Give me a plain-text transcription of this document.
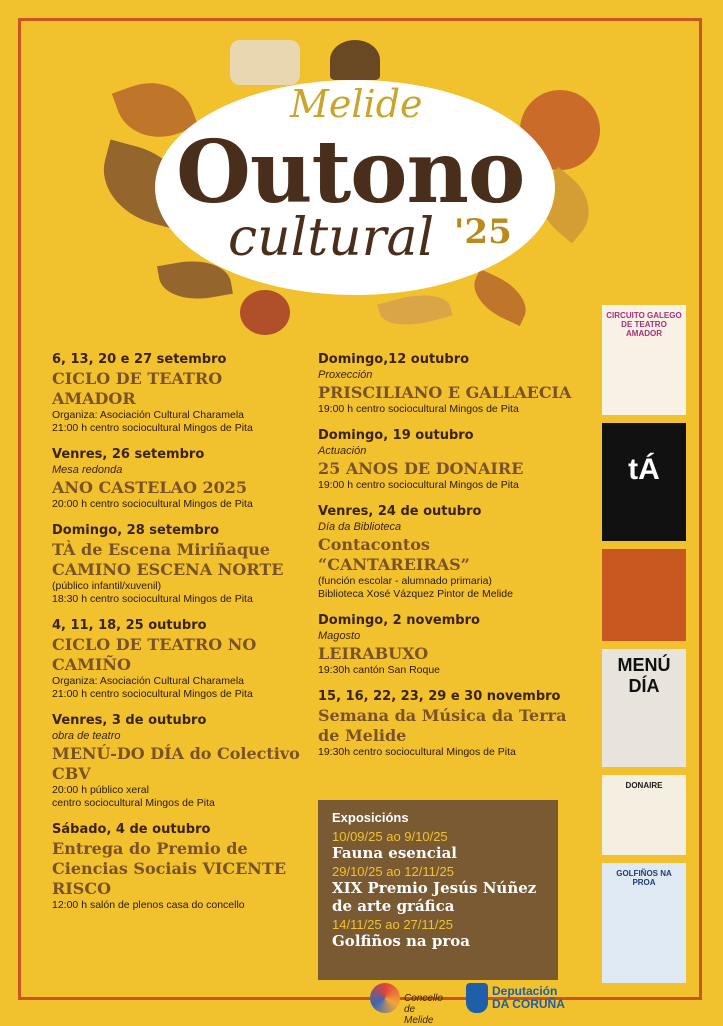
Melide
Outono
cultural '25
6, 13, 20 e 27 setembro
CICLO DE TEATRO AMADOR
Organiza: Asociación Cultural Charamela
21:00 h centro sociocultural Mingos de Pita
Venres, 26 setembro
Mesa redonda
ANO CASTELAO 2025
20:00 h centro sociocultural Mingos de Pita
Domingo, 28 setembro
TÀ de Escena Miriñaque CAMINO ESCENA NORTE
(público infantil/xuvenil)
18:30 h centro sociocultural Mingos de Pita
4, 11, 18, 25 outubro
CICLO DE TEATRO NO CAMIÑO
Organiza: Asociación Cultural Charamela
21:00 h centro sociocultural Mingos de Pita
Venres, 3 de outubro
obra de teatro
MENÚ-DO DÍA do Colectivo CBV
20:00 h público xeral
centro sociocultural Mingos de Pita
Sábado, 4 de outubro
Entrega do Premio de Ciencias Sociais VICENTE RISCO
12:00 h salón de plenos casa do concello
Domingo,12 outubro
Proxección
PRISCILIANO E GALLAECIA
19:00 h centro sociocultural Mingos de Pita
Domingo, 19 outubro
Actuación
25 ANOS DE DONAIRE
19:00 h centro sociocultural Mingos de Pita
Venres, 24 de outubro
Día da Biblioteca
Contacontos “CANTAREIRAS”
(función escolar - alumnado primaria)
Biblioteca Xosé Vázquez Pintor de Melide
Domingo, 2 novembro
Magosto
LEIRABUXO
19:30h cantón San Roque
15, 16, 22, 23, 29 e 30 novembro
Semana da Música da Terra de Melide
19:30h centro sociocultural Mingos de Pita
Exposicións
10/09/25 ao 9/10/25
Fauna esencial
29/10/25 ao 12/11/25
XIX Premio Jesús Núñez de arte gráfica
14/11/25 ao 27/11/25
Golfiños na proa
CIRCUITO GALEGO DE TEATRO AMADOR
tÁ
MENÚ DÍA
DONAIRE
GOLFIÑOS NA PROA
Concello de Melide
Deputación DA CORUÑA
